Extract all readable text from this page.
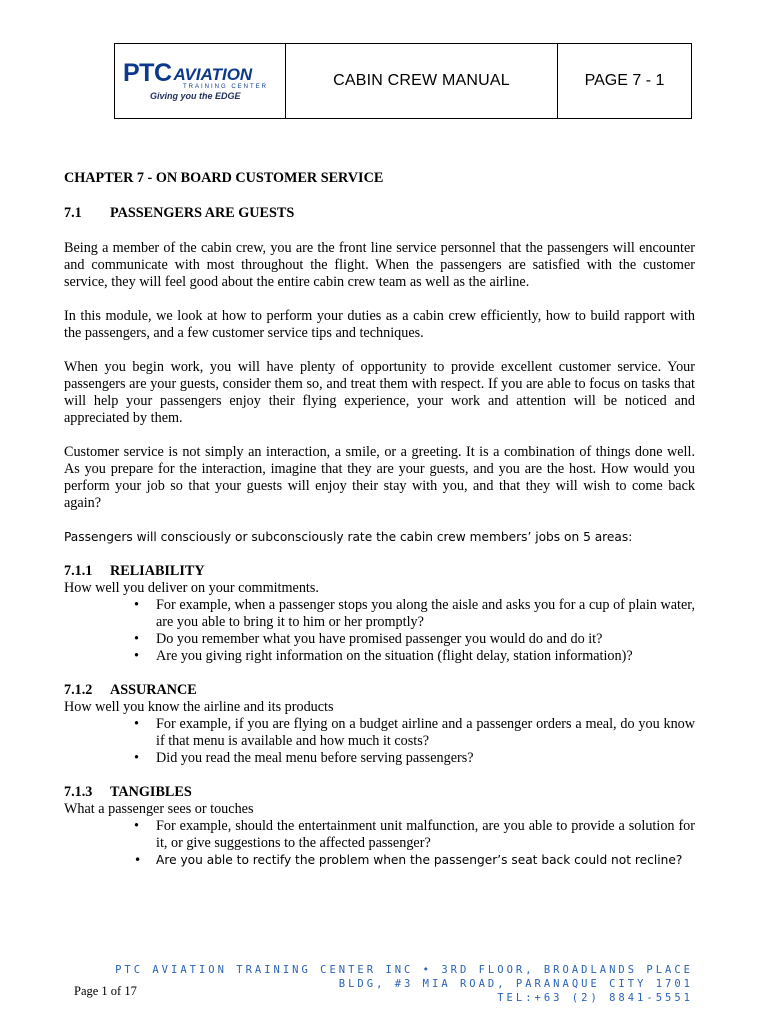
PTC AVIATION
TRAINING CENTER
Giving you the EDGE
CABIN CREW MANUAL	PAGE 7 - 1
CHAPTER 7 - ON BOARD CUSTOMER SERVICE
7.1 PASSENGERS ARE GUESTS

Being a member of the cabin crew, you are the front line service personnel that the passengers will encounter and communicate with most throughout the flight. When the passengers are satisfied with the customer service, they will feel good about the entire cabin crew team as well as the airline.

In this module, we look at how to perform your duties as a cabin crew efficiently, how to build rapport with the passengers, and a few customer service tips and techniques.

When you begin work, you will have plenty of opportunity to provide excellent customer service. Your passengers are your guests, consider them so, and treat them with respect. If you are able to focus on tasks that will help your passengers enjoy their flying experience, your work and attention will be noticed and appreciated by them.

Customer service is not simply an interaction, a smile, or a greeting. It is a combination of things done well. As you prepare for the interaction, imagine that they are your guests, and you are the host. How would you perform your job so that your guests will enjoy their stay with you, and that they will wish to come back again?

Passengers will consciously or subconsciously rate the cabin crew members’ jobs on 5 areas:

7.1.1 RELIABILITY
How well you deliver on your commitments.
• For example, when a passenger stops you along the aisle and asks you for a cup of plain water, are you able to bring it to him or her promptly?
• Do you remember what you have promised passenger you would do and do it?
• Are you giving right information on the situation (flight delay, station information)?
7.1.2 ASSURANCE
How well you know the airline and its products
• For example, if you are flying on a budget airline and a passenger orders a meal, do you know if that menu is available and how much it costs?
• Did you read the meal menu before serving passengers?
7.1.3 TANGIBLES
What a passenger sees or touches
• For example, should the entertainment unit malfunction, are you able to provide a solution for it, or give suggestions to the affected passenger?
• Are you able to rectify the problem when the passenger’s seat back could not recline?
PTC AVIATION TRAINING CENTER INC • 3RD FLOOR, BROADLANDS PLACE
BLDG, #3 MIA ROAD, PARANAQUE CITY 1701
TEL:+63 (2) 8841-5551
Page 1 of 17
